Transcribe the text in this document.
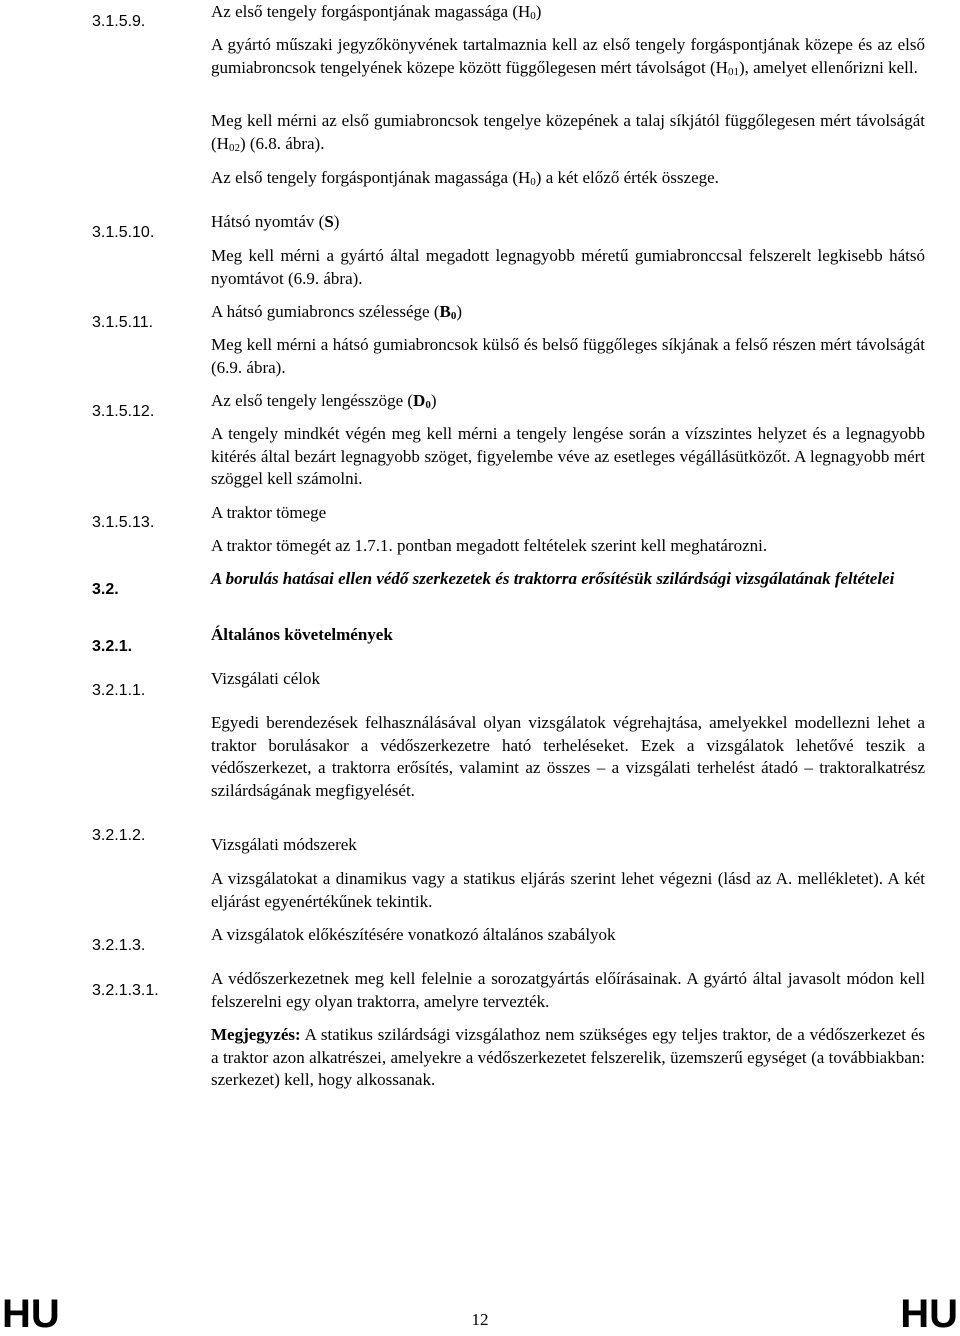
3.1.5.9.
3.1.5.10.
3.1.5.11.
3.1.5.12.
3.1.5.13.
3.2.
3.2.1.
3.2.1.1.
3.2.1.2.
3.2.1.3.
3.2.1.3.1.
Az első tengely forgáspontjának magassága $(H_0)$
A gyártó műszaki jegyzőkönyvének tartalmaznia kell az első tengely forgáspontjának közepe és az első gumiabroncsok tengelyének közepe között függőlegesen mért távolságot $(H_{01})$, amelyet ellenőrizni kell.
Meg kell mérni az első gumiabroncsok tengelye közepének a talaj síkjától függőlegesen mért távolságát $(H_{02})$ (6.8. ábra).
Az első tengely forgáspontjának magassága $(H_0)$ a két előző érték összege.
Hátsó nyomtáv (S)
Meg kell mérni a gyártó által megadott legnagyobb méretű gumiabronccsal felszerelt legkisebb hátsó nyomtávot (6.9. ábra).
A hátsó gumiabroncs szélessége $(B_0)$
Meg kell mérni a hátsó gumiabroncsok külső és belső függőleges síkjának a felső részen mért távolságát (6.9. ábra).
Az első tengely lengésszöge $(D_0)$
A tengely mindkét végén meg kell mérni a tengely lengése során a vízszintes helyzet és a legnagyobb kitérés által bezárt legnagyobb szöget, figyelembe véve az esetleges végállásütközőt. A legnagyobb mért szöggel kell számolni.
A traktor tömege
A traktor tömegét az 1.7.1. pontban megadott feltételek szerint kell meghatározni.
A borulás hatásai ellen védő szerkezetek és traktorra erősítésük szilárdsági vizsgálatának feltételei
Általános követelmények
Vizsgálati célok
Egyedi berendezések felhasználásával olyan vizsgálatok végrehajtása, amelyekkel modellezni lehet a traktor borulásakor a védőszerkezetre ható terheléseket. Ezek a vizsgálatok lehetővé teszik a védőszerkezet, a traktorra erősítés, valamint az összes – a vizsgálati terhelést átadó – traktoralkatrész szilárdságának megfigyelését.
Vizsgálati módszerek
A vizsgálatokat a dinamikus vagy a statikus eljárás szerint lehet végezni (lásd az A. mellékletet). A két eljárást egyenértékűnek tekintik.
A vizsgálatok előkészítésére vonatkozó általános szabályok
A védőszerkezetnek meg kell felelnie a sorozatgyártás előírásainak. A gyártó által javasolt módon kell felszerelni egy olyan traktorra, amelyre tervezték.
Megjegyzés: A statikus szilárdsági vizsgálathoz nem szükséges egy teljes traktor, de a védőszerkezet és a traktor azon alkatrészei, amelyekre a védőszerkezetet felszerelik, üzemszerű egységet (a továbbiakban: szerkezet) kell, hogy alkossanak.
HU	12	HU
